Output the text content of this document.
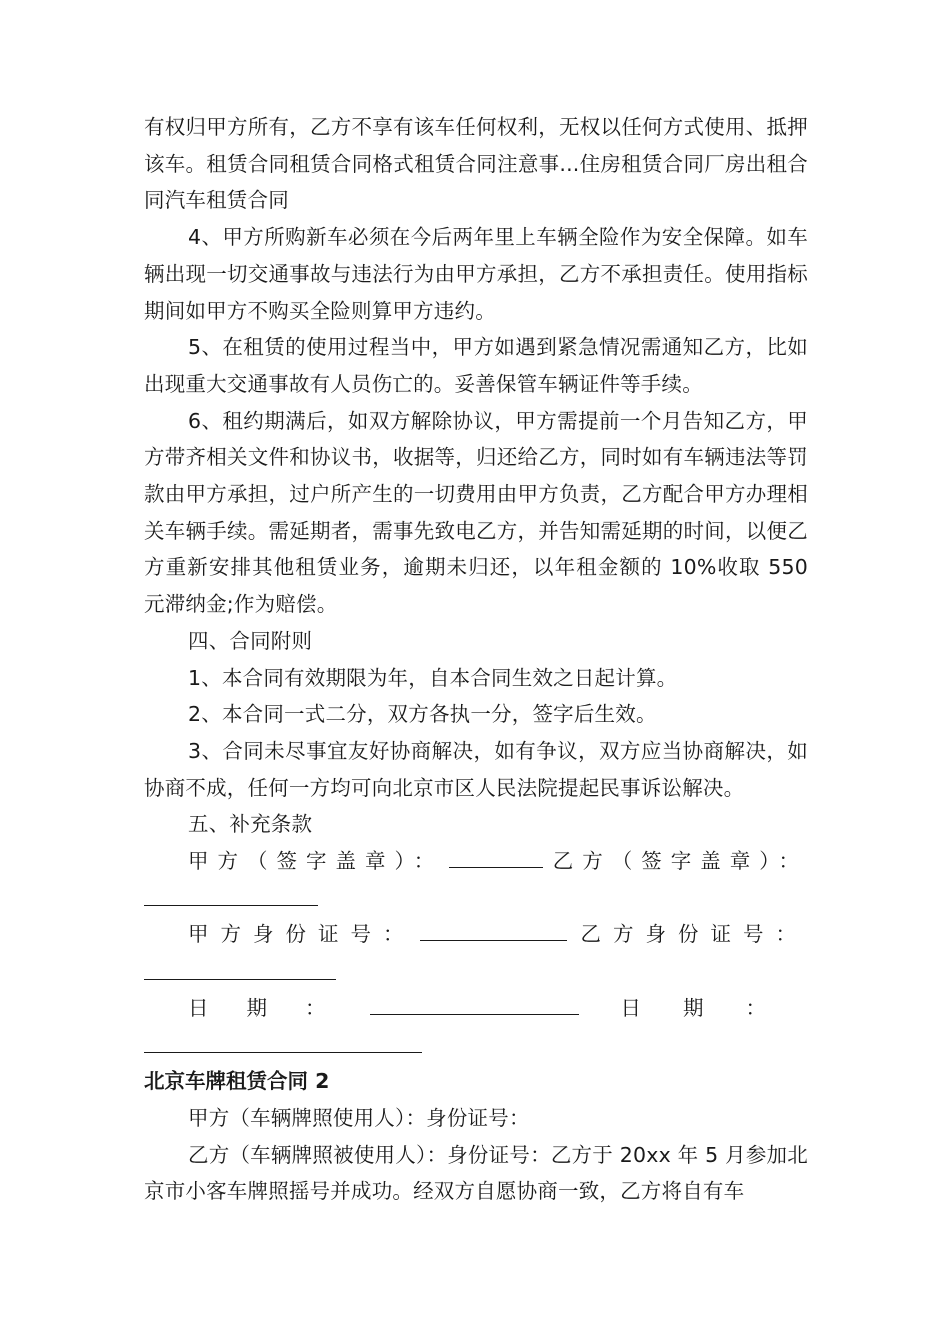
有权归甲方所有，乙方不享有该车任何权利，无权以任何方式使用、抵押该车。租赁合同租赁合同格式租赁合同注意事...住房租赁合同厂房出租合同汽车租赁合同

4、甲方所购新车必须在今后两年里上车辆全险作为安全保障。如车辆出现一切交通事故与违法行为由甲方承担，乙方不承担责任。使用指标期间如甲方不购买全险则算甲方违约。

5、在租赁的使用过程当中，甲方如遇到紧急情况需通知乙方，比如出现重大交通事故有人员伤亡的。妥善保管车辆证件等手续。

6、租约期满后，如双方解除协议，甲方需提前一个月告知乙方，甲方带齐相关文件和协议书，收据等，归还给乙方，同时如有车辆违法等罚款由甲方承担，过户所产生的一切费用由甲方负责，乙方配合甲方办理相关车辆手续。需延期者，需事先致电乙方，并告知需延期的时间，以便乙方重新安排其他租赁业务，逾期未归还，以年租金额的 10%收取 550 元滞纳金;作为赔偿。

四、合同附则

1、本合同有效期限为年，自本合同生效之日起计算。

2、本合同一式二分，双方各执一分，签字后生效。

3、合同未尽事宜友好协商解决，如有争议，双方应当协商解决，如协商不成，任何一方均可向北京市区人民法院提起民事诉讼解决。

五、补充条款

甲方（签字盖章）：	乙方（签字盖章）：
甲方身份证号：	乙方身份证号：
日期：	日期：
北京车牌租赁合同 2

甲方（车辆牌照使用人）：身份证号：

乙方（车辆牌照被使用人）：身份证号：乙方于 20xx 年 5 月参加北京市小客车牌照摇号并成功。经双方自愿协商一致，乙方将自有车
